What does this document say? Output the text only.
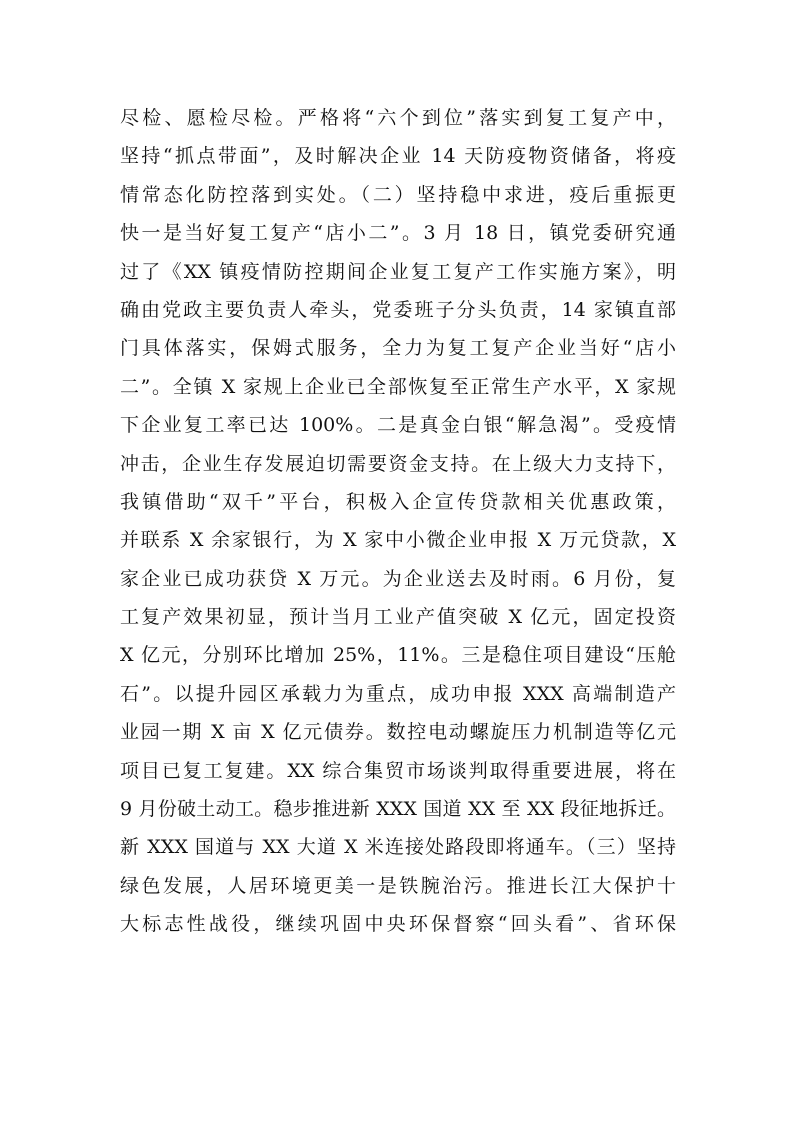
尽检、愿检尽检。严格将“六个到位”落实到复工复产中，
坚持“抓点带面”，及时解决企业 14 天防疫物资储备，将疫
情常态化防控落到实处。（二）坚持稳中求进，疫后重振更
快一是当好复工复产“店小二”。3 月 18 日，镇党委研究通
过了《XX 镇疫情防控期间企业复工复产工作实施方案》，明
确由党政主要负责人牵头，党委班子分头负责，14 家镇直部
门具体落实，保姆式服务，全力为复工复产企业当好“店小
二”。全镇 X 家规上企业已全部恢复至正常生产水平，X 家规
下企业复工率已达 100%。二是真金白银“解急渴”。受疫情
冲击，企业生存发展迫切需要资金支持。在上级大力支持下，
我镇借助“双千”平台，积极入企宣传贷款相关优惠政策，
并联系 X 余家银行，为 X 家中小微企业申报 X 万元贷款，X
家企业已成功获贷 X 万元。为企业送去及时雨。6 月份，复
工复产效果初显，预计当月工业产值突破 X 亿元，固定投资
X 亿元，分别环比增加 25%，11%。三是稳住项目建设“压舱
石”。以提升园区承载力为重点，成功申报 XXX 高端制造产
业园一期 X 亩 X 亿元债券。数控电动螺旋压力机制造等亿元
项目已复工复建。XX 综合集贸市场谈判取得重要进展，将在
9 月份破土动工。稳步推进新 XXX 国道 XX 至 XX 段征地拆迁。
新 XXX 国道与 XX 大道 X 米连接处路段即将通车。（三）坚持
绿色发展，人居环境更美一是铁腕治污。推进长江大保护十
大标志性战役，继续巩固中央环保督察“回头看”、省环保
